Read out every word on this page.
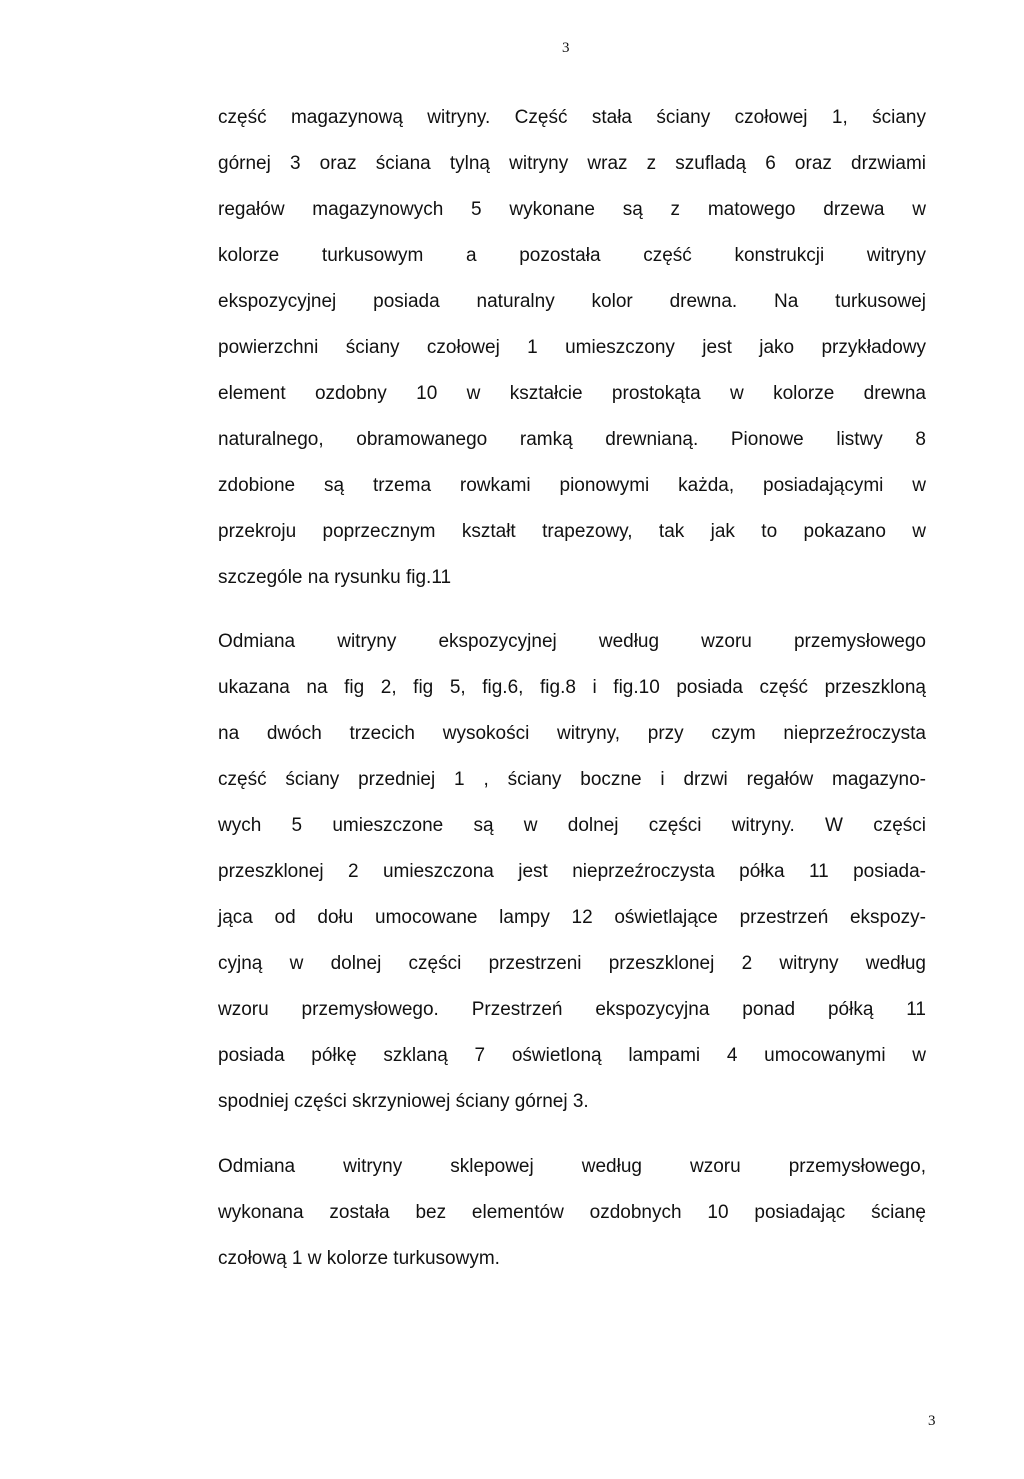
3
część magazynową witryny. Część stała ściany czołowej 1, ściany
górnej 3 oraz ściana tylną witryny wraz z szufladą 6 oraz drzwiami
regałów magazynowych 5 wykonane są z matowego drzewa w
kolorze turkusowym a pozostała część konstrukcji witryny
ekspozycyjnej posiada naturalny kolor drewna. Na turkusowej
powierzchni ściany czołowej 1 umieszczony jest jako przykładowy
element ozdobny 10 w kształcie prostokąta w kolorze drewna
naturalnego, obramowanego ramką drewnianą. Pionowe listwy 8
zdobione są trzema rowkami pionowymi każda, posiadającymi w
przekroju poprzecznym kształt trapezowy, tak jak to pokazano w
szczególe na rysunku fig.11
Odmiana witryny ekspozycyjnej według wzoru przemysłowego
ukazana na fig 2, fig 5, fig.6, fig.8 i fig.10 posiada część przeszkloną
na dwóch trzecich wysokości witryny, przy czym nieprzeźroczysta
część ściany przedniej 1 , ściany boczne i drzwi regałów magazyno-
wych 5 umieszczone są w dolnej części witryny. W części
przeszklonej 2 umieszczona jest nieprzeźroczysta półka 11 posiada-
jąca od dołu umocowane lampy 12 oświetlające przestrzeń ekspozy-
cyjną w dolnej części przestrzeni przeszklonej 2 witryny według
wzoru przemysłowego. Przestrzeń ekspozycyjna ponad półką 11
posiada półkę szklaną 7 oświetloną lampami 4 umocowanymi w
spodniej części skrzyniowej ściany górnej 3.
Odmiana witryny sklepowej według wzoru przemysłowego,
wykonana została bez elementów ozdobnych 10 posiadając ścianę
czołową 1 w kolorze turkusowym.
3
